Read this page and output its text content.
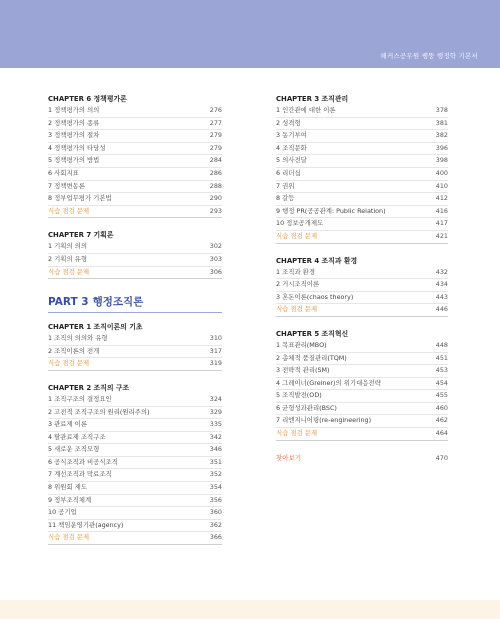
해커스공무원 쌩뚱 행정학 기본서
CHAPTER 6 정책평가론
1 정책평가의 의의	276
2 정책평가의 종류	277
3 정책평가의 절차	279
4 정책평가의 타당성	279
5 정책평가의 방법	284
6 사회지표	286
7 정책변동론	288
8 정부업무평가 기본법	290
식습 점검 문제	293
CHAPTER 7 기획론
1 기획의 의의	302
2 기획의 유형	303
식습 점검 문제	306
PART 3 행정조직론
CHAPTER 1 조직이론의 기초
1 조직의 의의와 유형	310
2 조직이론의 전개	317
식습 점검 문제	319
CHAPTER 2 조직의 구조
1 조직구조의 결정요인	324
2 고전적 조직구조의 원리(원리주의)	329
3 관료제 이론	335
4 탈관료제 조직구조	342
5 새로운 조직모형	346
6 공식조직과 비공식조직	351
7 계선조직과 막료조직	352
8 위원회 제도	354
9 정부조직체계	356
10 공기업	360
11 책임운영기관(agency)	362
식습 점검 문제	366
CHAPTER 3 조직관리
1 인간관에 대한 이론	378
2 성격형	381
3 동기부여	382
4 조직문화	396
5 의사전달	398
6 리더십	400
7 권위	410
8 갈등	412
9 행정 PR(공공관계: Public Relation)	416
10 정보공개제도	417
식습 점검 문제	421
CHAPTER 4 조직과 환경
1 조직과 환경	432
2 거시조직이론	434
3 혼돈이론(chaos theory)	443
식습 점검 문제	446
CHAPTER 5 조직혁신
1 목표관리(MBO)	448
2 총체적 품질관리(TQM)	451
3 전략적 관리(SM)	453
4 그레이너(Greiner)의 위기대응전략	454
5 조직발전(OD)	455
6 균형성과관리(BSC)	460
7 리엔지니어링(re-engineering)	462
식습 점검 문제	464
찾아보기	470
